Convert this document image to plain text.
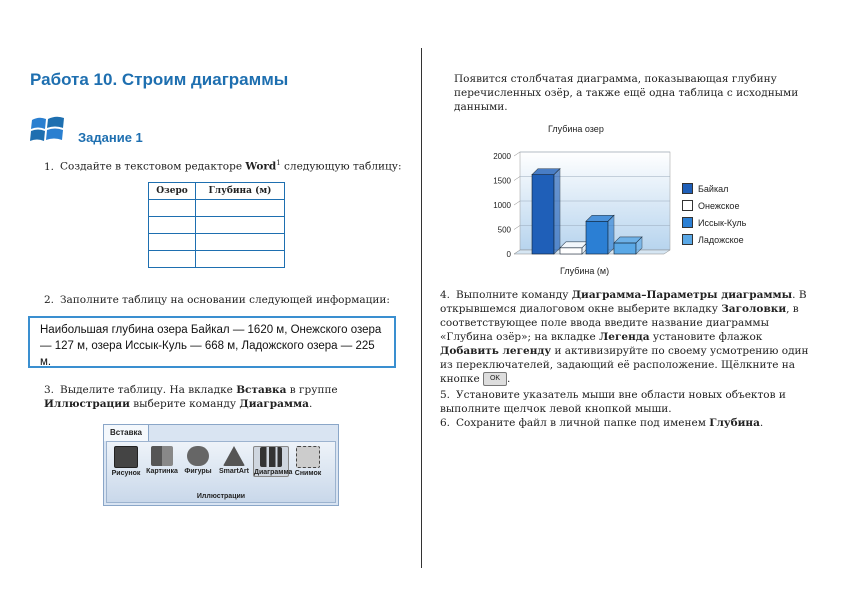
Работа 10. Строим диаграммы
Задание 1
1. Создайте в текстовом редакторе Word$^1$ следующую таблицу:
Озеро	Глубина (м)

2. Заполните таблицу на основании следующей информации:
Наибольшая глубина озера Байкал — 1620 м, Онежского озера — 127 м, озера Иссык-Куль — 668 м, Ладожского озера — 225 м.
3. Выделите таблицу. На вкладке Вставка в группе Иллюстрации выберите команду Диаграмма.
Вставка
Рисунок Картинка Фигуры	SmartArt Диаграмма Снимок
Иллюстрации
Появится столбчатая диаграмма, показывающая глубину перечисленных озёр, а также ещё одна таблица с исходными данными.
Глубина озер
0
500
1000
1500
2000
Глубина (м)
Байкал
Онежское
Иссык-Куль
Ладожское
4. Выполните команду Диаграмма–Параметры диаграммы. В открывшемся диалоговом окне выберите вкладку Заголовки, в соответствующее поле ввода введите название диаграммы «Глубина озёр»; на вкладке Легенда установите флажок Добавить легенду и активизируйте по своему усмотрению один из переключателей, задающий её расположение. Щёлкните на кнопке OK .
5. Установите указатель мыши вне области новых объектов и выполните щелчок левой кнопкой мыши.
6. Сохраните файл в личной папке под именем Глубина.
